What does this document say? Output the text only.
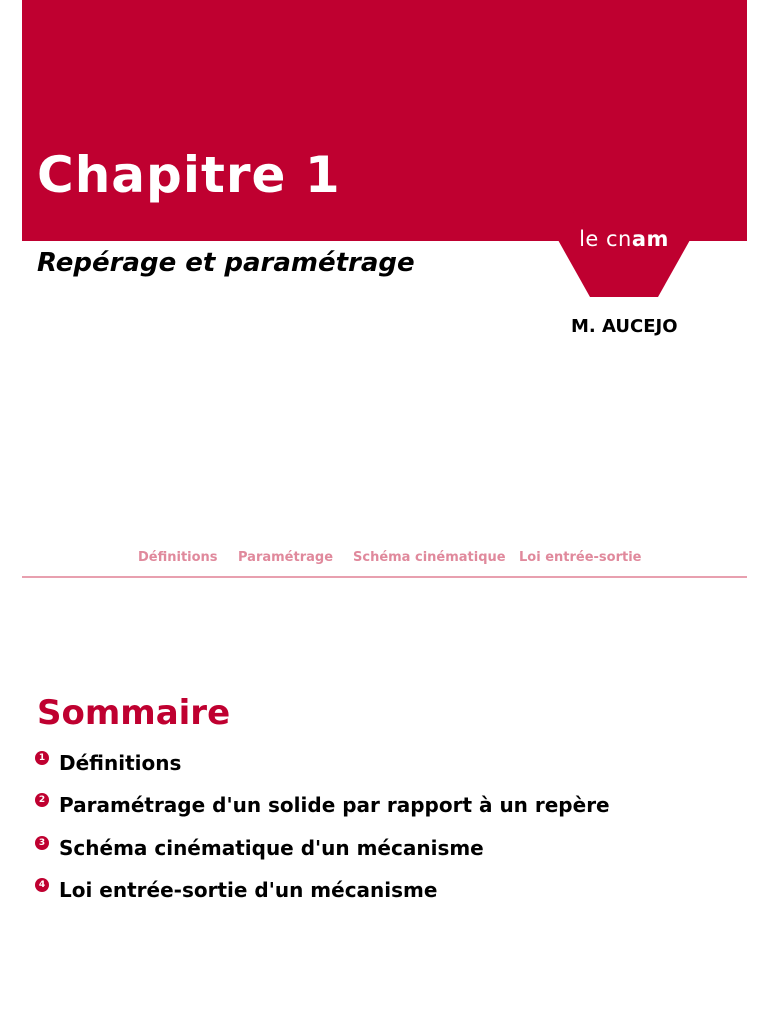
Chapitre 1
Repérage et paramétrage
le cnam
M. AUCEJO
Définitions	Paramétrage	Schéma cinématique	Loi entrée-sortie
Sommaire
1 Définitions
2 Paramétrage d'un solide par rapport à un repère
3 Schéma cinématique d'un mécanisme
4 Loi entrée-sortie d'un mécanisme
